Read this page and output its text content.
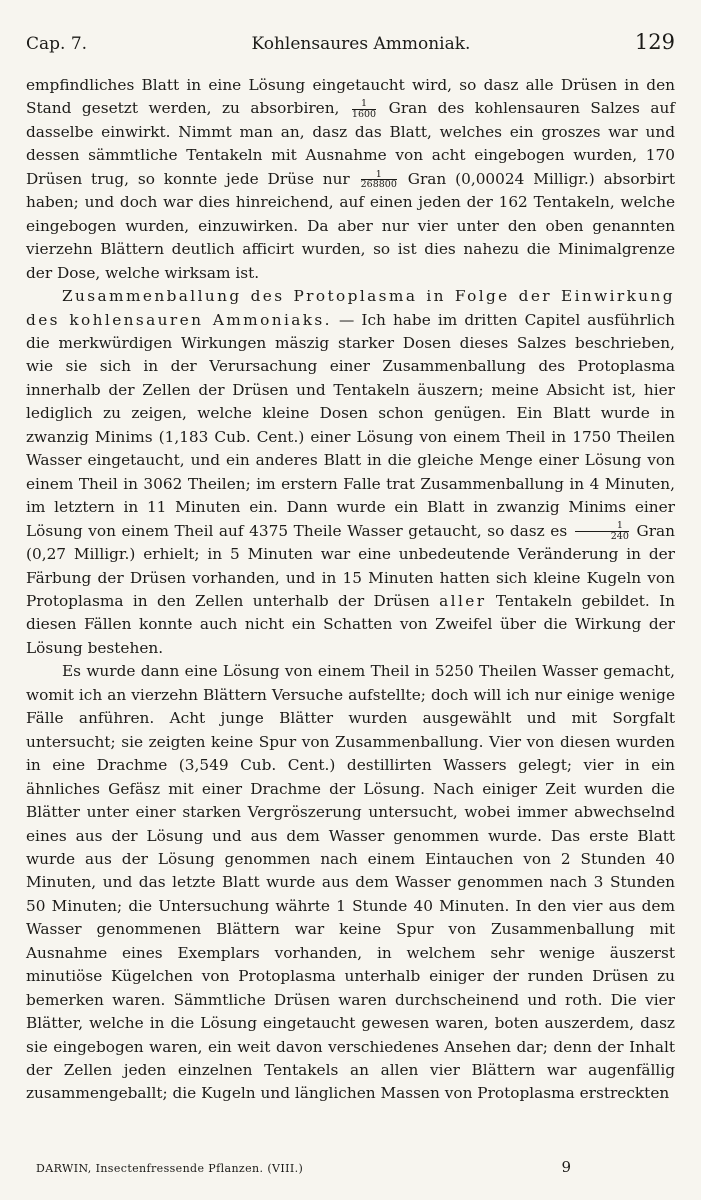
Cap. 7.	Kohlensaures Ammoniak.	129

empfindliches Blatt in eine Lösung eingetaucht wird, so dasz alle Drüsen in den Stand gesetzt werden, zu absorbiren, $\frac{1}{1600}$ Gran des kohlensauren Salzes auf dasselbe einwirkt. Nimmt man an, dasz das Blatt, welches ein groszes war und dessen sämmtliche Tentakeln mit Ausnahme von acht eingebogen wurden, 170 Drüsen trug, so konnte jede Drüse nur $\frac{1}{268800}$ Gran (0,00024 Milligr.) absorbirt haben; und doch war dies hinreichend, auf einen jeden der 162 Tentakeln, welche eingebogen wurden, einzuwirken. Da aber nur vier unter den oben genannten vierzehn Blättern deutlich afficirt wurden, so ist dies nahezu die Minimalgrenze der Dose, welche wirksam ist.

Zusammenballung des Protoplasma in Folge der Einwirkung des kohlensauren Ammoniaks. — Ich habe im dritten Capitel ausführlich die merkwürdigen Wirkungen mäszig starker Dosen dieses Salzes beschrieben, wie sie sich in der Verursachung einer Zusammenballung des Protoplasma innerhalb der Zellen der Drüsen und Tentakeln äuszern; meine Absicht ist, hier lediglich zu zeigen, welche kleine Dosen schon genügen. Ein Blatt wurde in zwanzig Minims (1,183 Cub. Cent.) einer Lösung von einem Theil in 1750 Theilen Wasser eingetaucht, und ein anderes Blatt in die gleiche Menge einer Lösung von einem Theil in 3062 Theilen; im erstern Falle trat Zusammenballung in 4 Minuten, im letztern in 11 Minuten ein. Dann wurde ein Blatt in zwanzig Minims einer Lösung von einem Theil auf 4375 Theile Wasser getaucht, so dasz es $\frac{1}{240}$ Gran (0,27 Milligr.) erhielt; in 5 Minuten war eine unbedeutende Veränderung in der Färbung der Drüsen vorhanden, und in 15 Minuten hatten sich kleine Kugeln von Protoplasma in den Zellen unterhalb der Drüsen aller Tentakeln gebildet. In diesen Fällen konnte auch nicht ein Schatten von Zweifel über die Wirkung der Lösung bestehen.

Es wurde dann eine Lösung von einem Theil in 5250 Theilen Wasser gemacht, womit ich an vierzehn Blättern Versuche aufstellte; doch will ich nur einige wenige Fälle anführen. Acht junge Blätter wurden ausgewählt und mit Sorgfalt untersucht; sie zeigten keine Spur von Zusammenballung. Vier von diesen wurden in eine Drachme (3,549 Cub. Cent.) destillirten Wassers gelegt; vier in ein ähnliches Gefäsz mit einer Drachme der Lösung. Nach einiger Zeit wurden die Blätter unter einer starken Vergröszerung untersucht, wobei immer abwechselnd eines aus der Lösung und aus dem Wasser genommen wurde. Das erste Blatt wurde aus der Lösung genommen nach einem Eintauchen von 2 Stunden 40 Minuten, und das letzte Blatt wurde aus dem Wasser genommen nach 3 Stunden 50 Minuten; die Untersuchung währte 1 Stunde 40 Minuten. In den vier aus dem Wasser genommenen Blättern war keine Spur von Zusammenballung mit Ausnahme eines Exemplars vorhanden, in welchem sehr wenige äuszerst minutiöse Kügelchen von Protoplasma unterhalb einiger der runden Drüsen zu bemerken waren. Sämmtliche Drüsen waren durchscheinend und roth. Die vier Blätter, welche in die Lösung eingetaucht gewesen waren, boten auszerdem, dasz sie eingebogen waren, ein weit davon verschiedenes Ansehen dar; denn der Inhalt der Zellen jeden einzelnen Tentakels an allen vier Blättern war augenfällig zusammengeballt; die Kugeln und länglichen Massen von Protoplasma erstreckten

DARWIN, Insectenfressende Pflanzen. (VIII.)	9
